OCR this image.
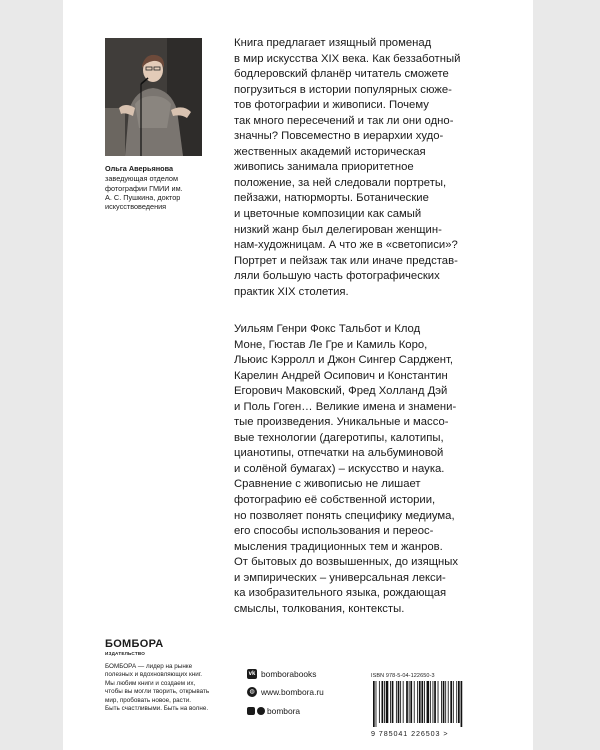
Ольга Аверьянова
заведующая отделом
фотографии ГМИИ им.
А. С. Пушкина, доктор
искусствоведения
Книга предлагает изящный променад
в мир искусства XIX века. Как беззаботный
бодлеровский фланёр читатель сможете
погрузиться в истории популярных сюже-
тов фотографии и живописи. Почему
так много пересечений и так ли они одно-
значны? Повсеместно в иерархии худо-
жественных академий историческая
живопись занимала приоритетное
положение, за ней следовали портреты,
пейзажи, натюрморты. Ботанические
и цветочные композиции как самый
низкий жанр был делегирован женщин-
нам-художницам. А что же в «светописи»?
Портрет и пейзаж так или иначе представ-
ляли большую часть фотографических
практик XIX столетия.
Уильям Генри Фокс Тальбот и Клод
Моне, Гюстав Ле Гре и Камиль Коро,
Льюис Кэрролл и Джон Сингер Сарджент,
Карелин Андрей Осипович и Константин
Егорович Маковский, Фред Холланд Дэй
и Поль Гоген… Великие имена и знамени-
тые произведения. Уникальные и массо-
вые технологии (дагеротипы, калотипы,
цианотипы, отпечатки на альбуминовой
и солёной бумагах) – искусство и наука.
Сравнение с живописью не лишает
фотографию её собственной истории,
но позволяет понять специфику медиума,
его способы использования и переос-
мысления традиционных тем и жанров.
От бытовых до возвышенных, до изящных
и эмпирических – универсальная лекси-
ка изобразительного языка, рождающая
смыслы, толкования, контексты.
БОМБОРА
ИЗДАТЕЛЬСТВО
БОМБОРА — лидер на рынке
полезных и вдохновляющих книг.
Мы любим книги и создаем их,
чтобы вы могли творить, открывать
мир, пробовать новое, расти.
Быть счастливыми. Быть на волне.
vk bomborabooks
◍ www.bombora.ru
bombora
ISBN 978-5-04-122650-3
9 785041 226503 >
